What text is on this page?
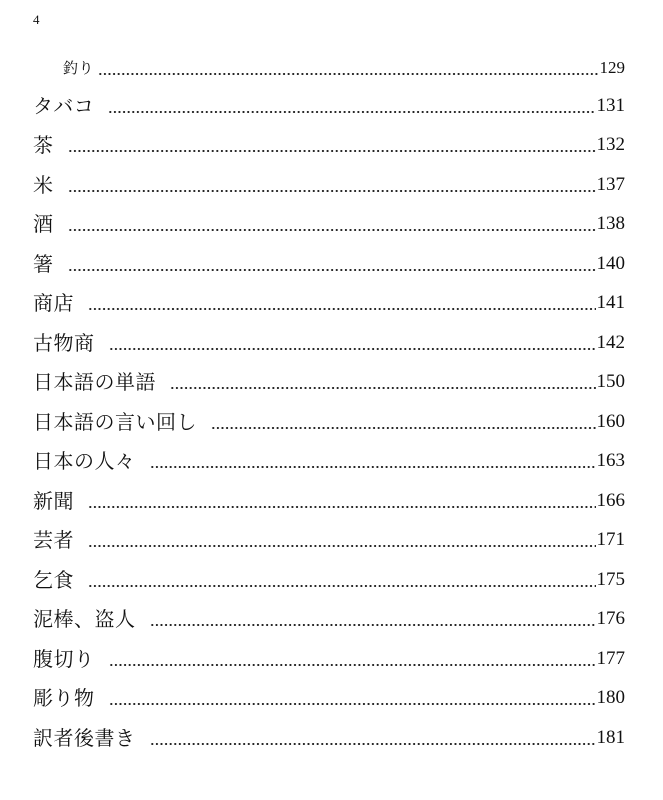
4
釣り	129
タバコ	131
茶	132
米	137
酒	138
箸	140
商店	141
古物商	142
日本語の単語	150
日本語の言い回し	160
日本の人々	163
新聞	166
芸者	171
乞食	175
泥棒、盗人	176
腹切り	177
彫り物	180
訳者後書き	181
